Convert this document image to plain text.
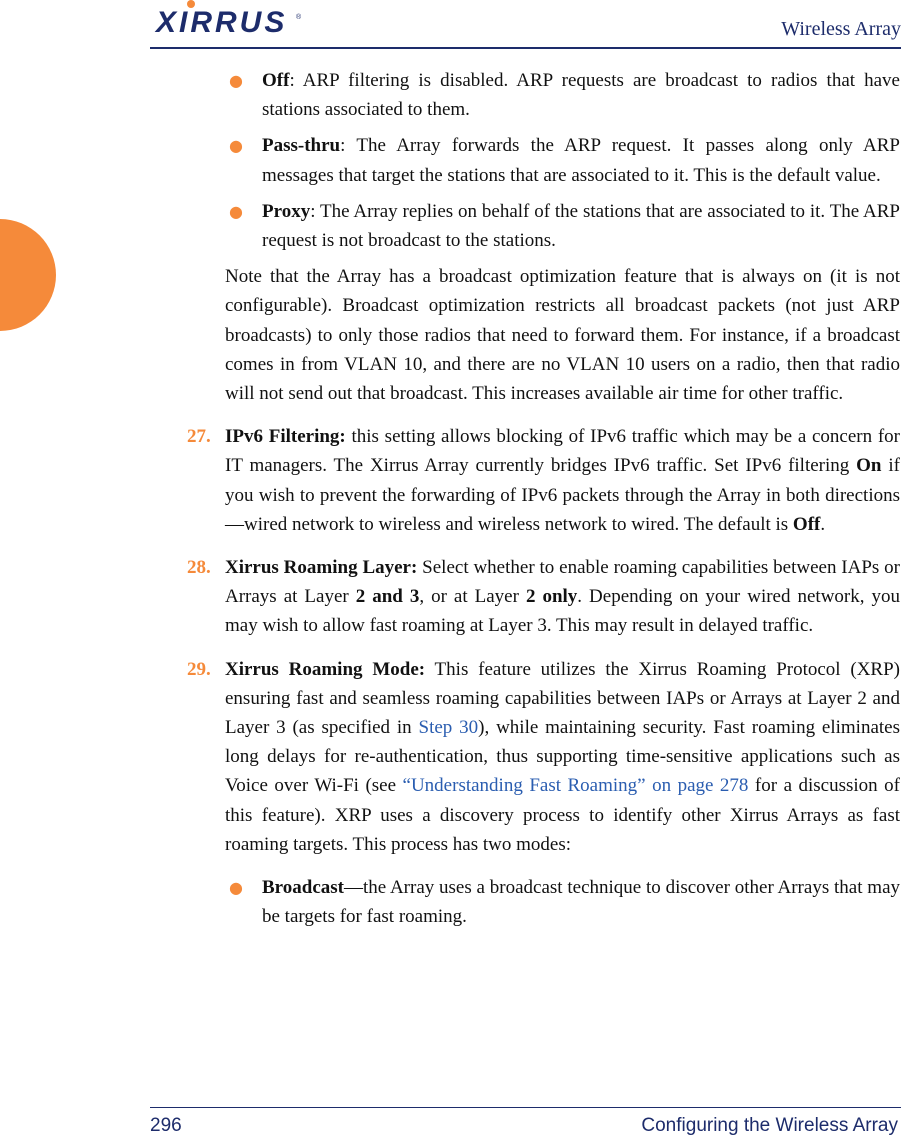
XIRRUS ®
Wireless Array
● Off: ARP filtering is disabled. ARP requests are broadcast to radios that have stations associated to them.
● Pass-thru: The Array forwards the ARP request. It passes along only ARP messages that target the stations that are associated to it. This is the default value.
● Proxy: The Array replies on behalf of the stations that are associated to it. The ARP request is not broadcast to the stations.
Note that the Array has a broadcast optimization feature that is always on (it is not configurable). Broadcast optimization restricts all broadcast packets (not just ARP broadcasts) to only those radios that need to forward them. For instance, if a broadcast comes in from VLAN 10, and there are no VLAN 10 users on a radio, then that radio will not send out that broadcast. This increases available air time for other traffic.
27. IPv6 Filtering: this setting allows blocking of IPv6 traffic which may be a concern for IT managers. The Xirrus Array currently bridges IPv6 traffic. Set IPv6 filtering On if you wish to prevent the forwarding of IPv6 packets through the Array in both directions—wired network to wireless and wireless network to wired. The default is Off.
28. Xirrus Roaming Layer: Select whether to enable roaming capabilities between IAPs or Arrays at Layer 2 and 3, or at Layer 2 only. Depending on your wired network, you may wish to allow fast roaming at Layer 3. This may result in delayed traffic.
29. Xirrus Roaming Mode: This feature utilizes the Xirrus Roaming Protocol (XRP) ensuring fast and seamless roaming capabilities between IAPs or Arrays at Layer 2 and Layer 3 (as specified in Step 30), while maintaining security. Fast roaming eliminates long delays for re-authentication, thus supporting time-sensitive applications such as Voice over Wi-Fi (see “Understanding Fast Roaming” on page 278 for a discussion of this feature). XRP uses a discovery process to identify other Xirrus Arrays as fast roaming targets. This process has two modes:
● Broadcast—the Array uses a broadcast technique to discover other Arrays that may be targets for fast roaming.
296	Configuring the Wireless Array
